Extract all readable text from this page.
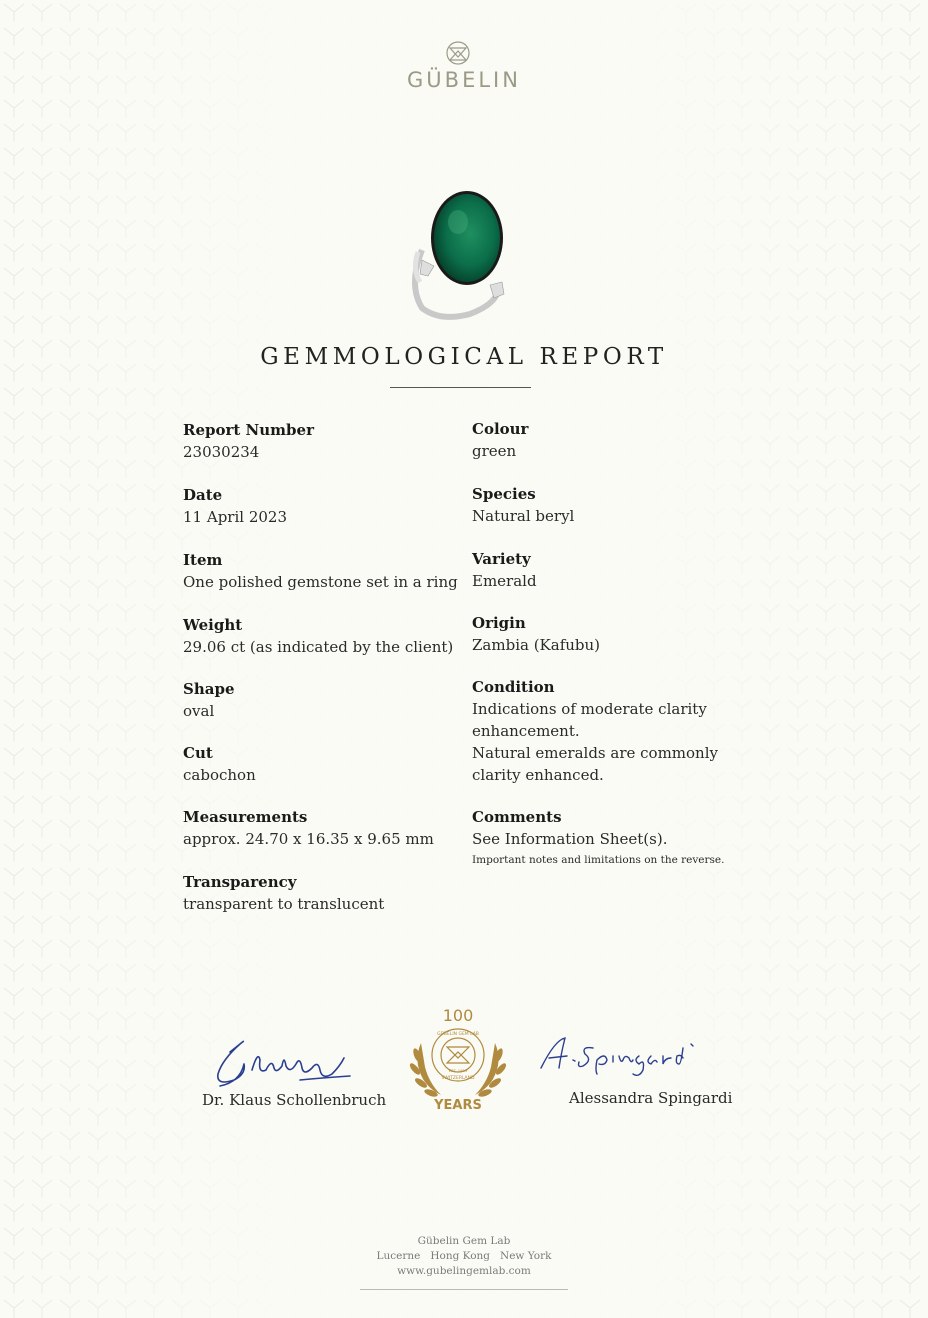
GÜBELIN
GEMMOLOGICAL REPORT
Report Number
23030234
Date
11 April 2023
Item
One polished gemstone set in a ring
Weight
29.06 ct (as indicated by the client)
Shape
oval
Cut
cabochon
Measurements
approx. 24.70 x 16.35 x 9.65 mm
Transparency
transparent to translucent
Colour
green
Species
Natural beryl
Variety
Emerald
Origin
Zambia (Kafubu)
Condition
Indications of moderate clarity
enhancement.
Natural emeralds are commonly
clarity enhanced.
Comments
See Information Sheet(s).
Important notes and limitations on the reverse.
Dr. Klaus Schollenbruch	Alessandra Spingardi
100
GÜBELIN GEM LAB
SWITZERLAND
EST. 1923
YEARS
Gübelin Gem Lab
Lucerne   Hong Kong   New York
www.gubelingemlab.com
